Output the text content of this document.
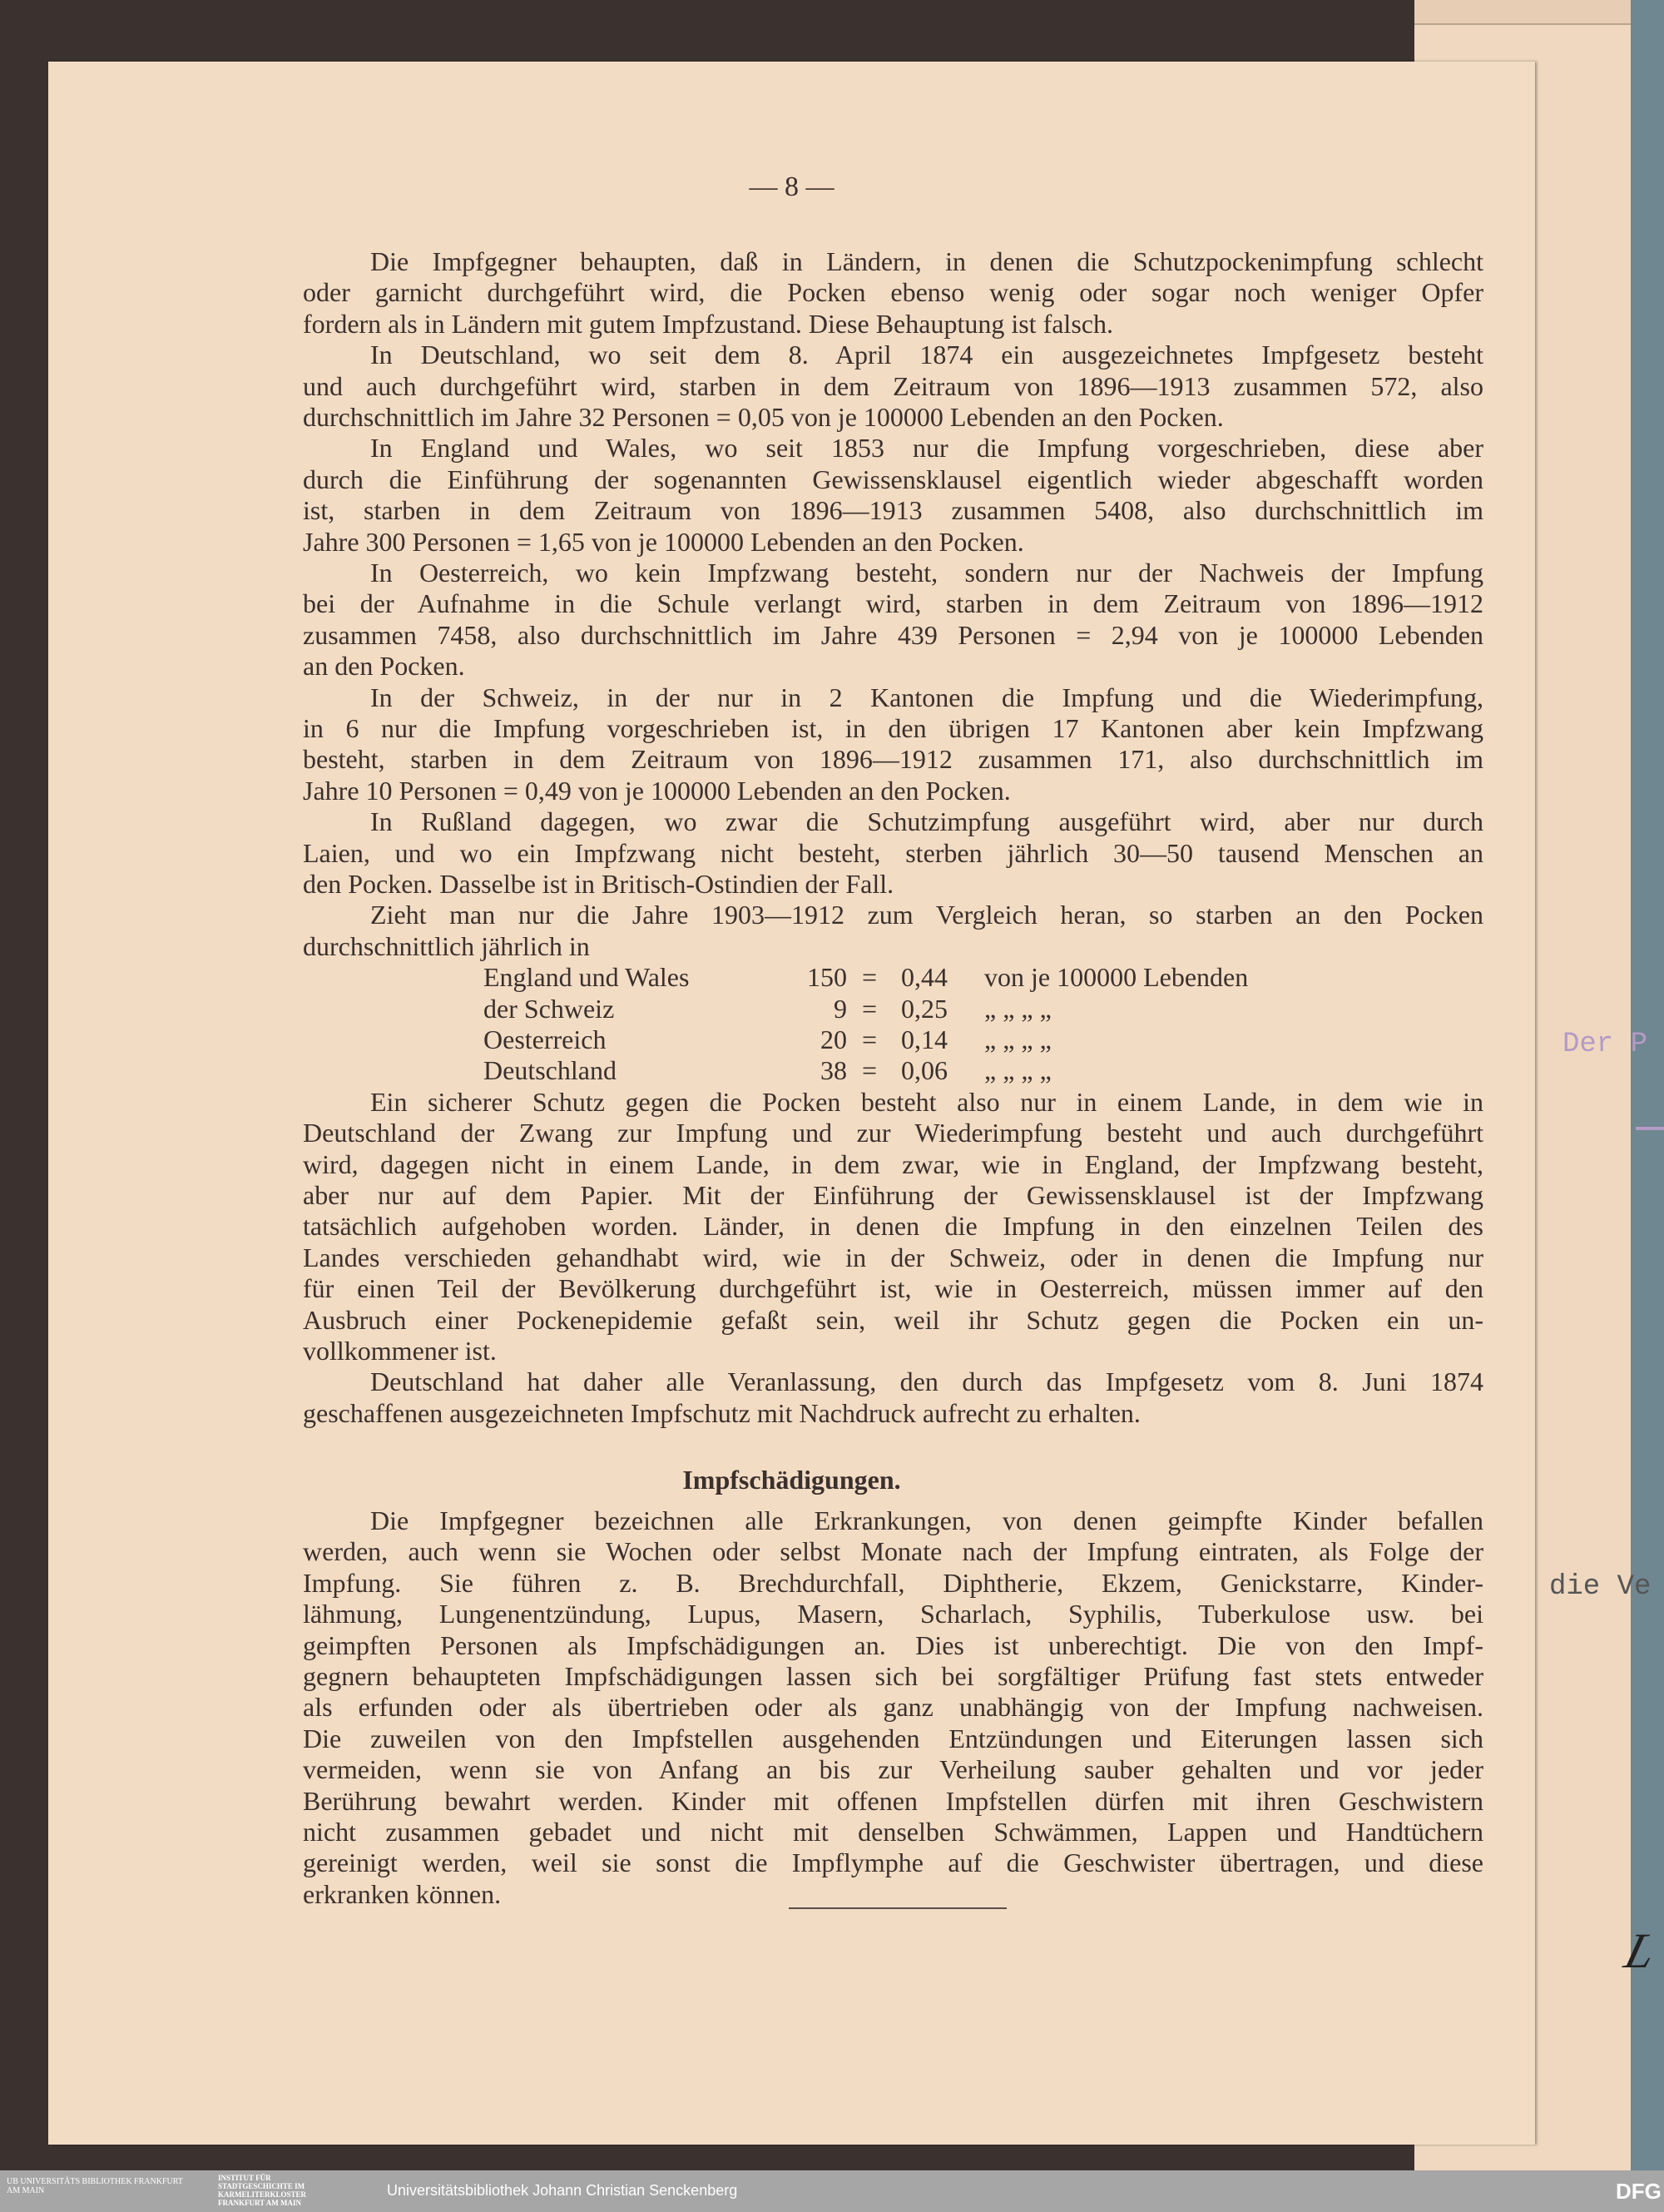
Der P
die Ve
— 8 —
Die Impfgegner behaupten, daß in Ländern, in denen die Schutzpockenimpfung schlecht
oder garnicht durchgeführt wird, die Pocken ebenso wenig oder sogar noch weniger Opfer
fordern als in Ländern mit gutem Impfzustand. Diese Behauptung ist falsch.
In Deutschland, wo seit dem 8. April 1874 ein ausgezeichnetes Impfgesetz besteht
und auch durchgeführt wird, starben in dem Zeitraum von 1896—1913 zusammen 572, also
durchschnittlich im Jahre 32 Personen = 0,05 von je 100000 Lebenden an den Pocken.
In England und Wales, wo seit 1853 nur die Impfung vorgeschrieben, diese aber
durch die Einführung der sogenannten Gewissensklausel eigentlich wieder abgeschafft worden
ist, starben in dem Zeitraum von 1896—1913 zusammen 5408, also durchschnittlich im
Jahre 300 Personen = 1,65 von je 100000 Lebenden an den Pocken.
In Oesterreich, wo kein Impfzwang besteht, sondern nur der Nachweis der Impfung
bei der Aufnahme in die Schule verlangt wird, starben in dem Zeitraum von 1896—1912
zusammen 7458, also durchschnittlich im Jahre 439 Personen = 2,94 von je 100000 Lebenden
an den Pocken.
In der Schweiz, in der nur in 2 Kantonen die Impfung und die Wiederimpfung,
in 6 nur die Impfung vorgeschrieben ist, in den übrigen 17 Kantonen aber kein Impfzwang
besteht, starben in dem Zeitraum von 1896—1912 zusammen 171, also durchschnittlich im
Jahre 10 Personen = 0,49 von je 100000 Lebenden an den Pocken.
In Rußland dagegen, wo zwar die Schutzimpfung ausgeführt wird, aber nur durch
Laien, und wo ein Impfzwang nicht besteht, sterben jährlich 30—50 tausend Menschen an
den Pocken. Dasselbe ist in Britisch-Ostindien der Fall.
Zieht man nur die Jahre 1903—1912 zum Vergleich heran, so starben an den Pocken
durchschnittlich jährlich in
England und Wales	150 = 0,44 von je 100000 Lebenden
der Schweiz	9 = 0,25 „ „ „ „
Oesterreich	20 = 0,14 „ „ „ „
Deutschland	38 = 0,06 „ „ „ „
Ein sicherer Schutz gegen die Pocken besteht also nur in einem Lande, in dem wie in
Deutschland der Zwang zur Impfung und zur Wiederimpfung besteht und auch durchgeführt
wird, dagegen nicht in einem Lande, in dem zwar, wie in England, der Impfzwang besteht,
aber nur auf dem Papier. Mit der Einführung der Gewissensklausel ist der Impfzwang
tatsächlich aufgehoben worden. Länder, in denen die Impfung in den einzelnen Teilen des
Landes verschieden gehandhabt wird, wie in der Schweiz, oder in denen die Impfung nur
für einen Teil der Bevölkerung durchgeführt ist, wie in Oesterreich, müssen immer auf den
Ausbruch einer Pockenepidemie gefaßt sein, weil ihr Schutz gegen die Pocken ein un-
vollkommener ist.
Deutschland hat daher alle Veranlassung, den durch das Impfgesetz vom 8. Juni 1874
geschaffenen ausgezeichneten Impfschutz mit Nachdruck aufrecht zu erhalten.
Impfschädigungen.
Die Impfgegner bezeichnen alle Erkrankungen, von denen geimpfte Kinder befallen
werden, auch wenn sie Wochen oder selbst Monate nach der Impfung eintraten, als Folge der
Impfung. Sie führen z. B. Brechdurchfall, Diphtherie, Ekzem, Genickstarre, Kinder-
lähmung, Lungenentzündung, Lupus, Masern, Scharlach, Syphilis, Tuberkulose usw. bei
geimpften Personen als Impfschädigungen an. Dies ist unberechtigt. Die von den Impf-
gegnern behaupteten Impfschädigungen lassen sich bei sorgfältiger Prüfung fast stets entweder
als erfunden oder als übertrieben oder als ganz unabhängig von der Impfung nachweisen.
Die zuweilen von den Impfstellen ausgehenden Entzündungen und Eiterungen lassen sich
vermeiden, wenn sie von Anfang an bis zur Verheilung sauber gehalten und vor jeder
Berührung bewahrt werden. Kinder mit offenen Impfstellen dürfen mit ihren Geschwistern
nicht zusammen gebadet und nicht mit denselben Schwämmen, Lappen und Handtüchern
gereinigt werden, weil sie sonst die Impflymphe auf die Geschwister übertragen, und diese
erkranken können.
L
UB UNIVERSITÄTS BIBLIOTHEK FRANKFURT AM MAIN
INSTITUT FÜR STADTGESCHICHTE IM KARMELITERKLOSTER FRANKFURT AM MAIN
Universitätsbibliothek Johann Christian Senckenberg	DFG
